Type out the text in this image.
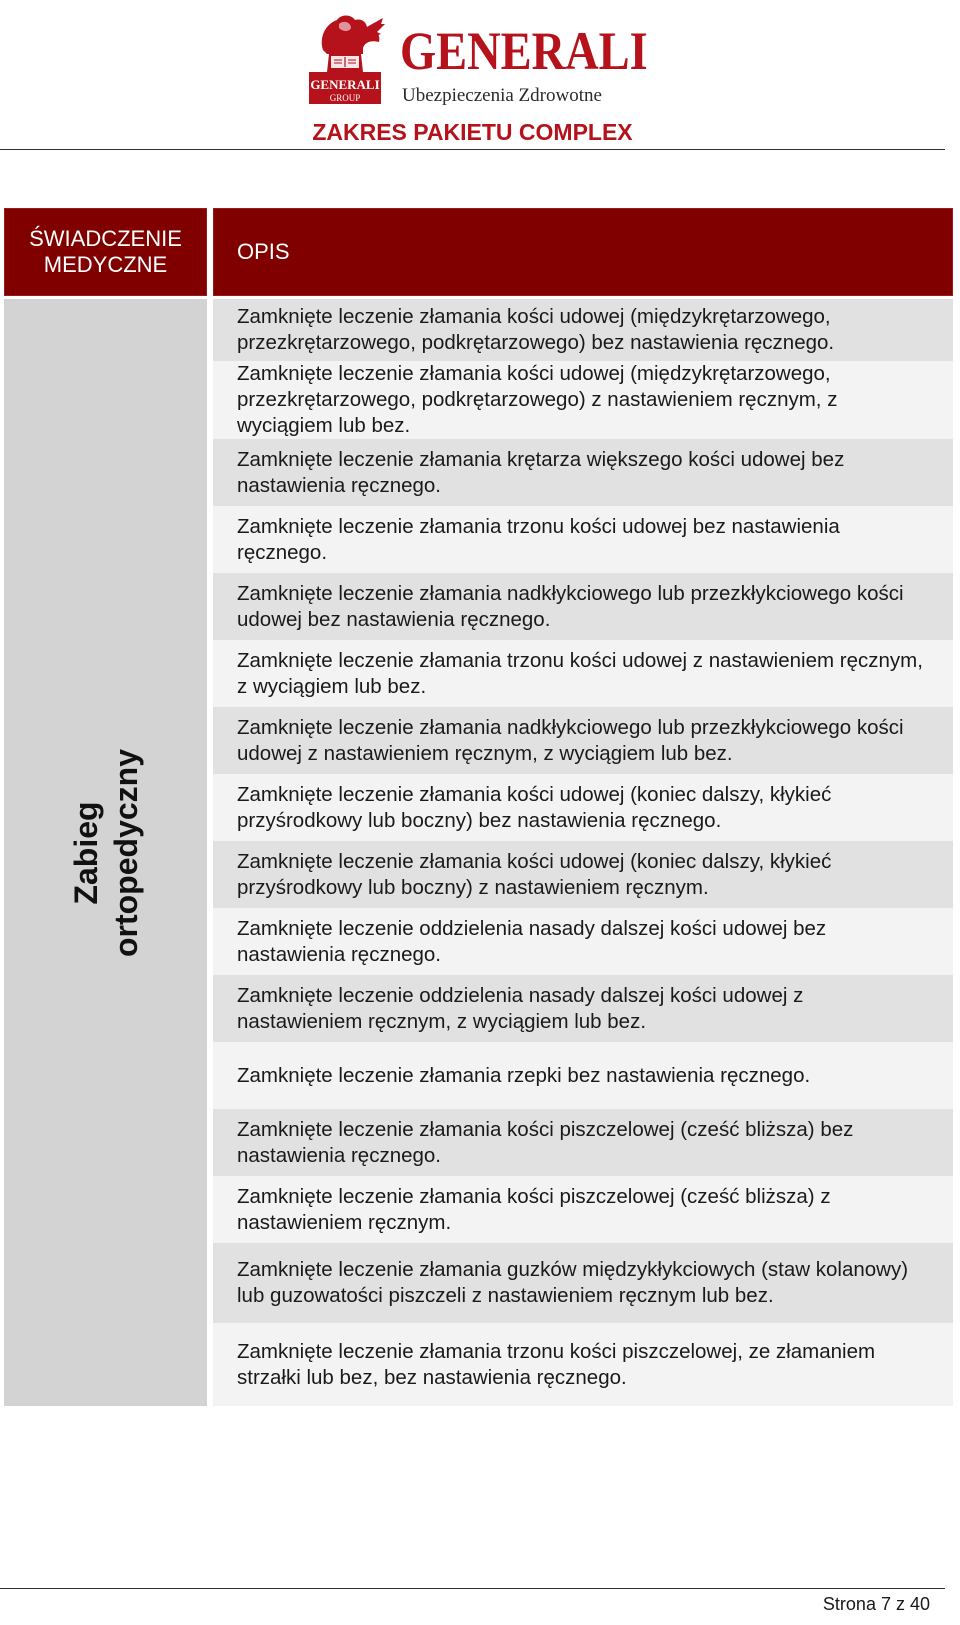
GENERALI
GROUP
GENERALI
Ubezpieczenia Zdrowotne
ZAKRES PAKIETU COMPLEX
ŚWIADCZENIE
MEDYCZNE
OPIS
Zabieg ortopedyczny
Zamknięte leczenie złamania kości udowej (międzykrętarzowego, przezkrętarzowego, podkrętarzowego) bez nastawienia ręcznego.
Zamknięte leczenie złamania kości udowej (międzykrętarzowego, przezkrętarzowego, podkrętarzowego) z nastawieniem ręcznym, z wyciągiem lub bez.
Zamknięte leczenie złamania krętarza większego kości udowej bez nastawienia ręcznego.
Zamknięte leczenie złamania trzonu kości udowej bez nastawienia ręcznego.
Zamknięte leczenie złamania nadkłykciowego lub przezkłykciowego kości udowej bez nastawienia ręcznego.
Zamknięte leczenie złamania trzonu kości udowej z nastawieniem ręcznym, z wyciągiem lub bez.
Zamknięte leczenie złamania nadkłykciowego lub przezkłykciowego kości udowej z nastawieniem ręcznym, z wyciągiem lub bez.
Zamknięte leczenie złamania kości udowej (koniec dalszy, kłykieć przyśrodkowy lub boczny) bez nastawienia ręcznego.
Zamknięte leczenie złamania kości udowej (koniec dalszy, kłykieć przyśrodkowy lub boczny) z nastawieniem ręcznym.
Zamknięte leczenie oddzielenia nasady dalszej kości udowej bez nastawienia ręcznego.
Zamknięte leczenie oddzielenia nasady dalszej kości udowej z nastawieniem ręcznym, z wyciągiem lub bez.
Zamknięte leczenie złamania rzepki bez nastawienia ręcznego.
Zamknięte leczenie złamania kości piszczelowej (cześć bliższa) bez nastawienia ręcznego.
Zamknięte leczenie złamania kości piszczelowej (cześć bliższa) z nastawieniem ręcznym.
Zamknięte leczenie złamania guzków międzykłykciowych (staw kolanowy) lub guzowatości piszczeli z nastawieniem ręcznym lub bez.
Zamknięte leczenie złamania trzonu kości piszczelowej, ze złamaniem strzałki lub bez, bez nastawienia ręcznego.
Strona 7 z 40
